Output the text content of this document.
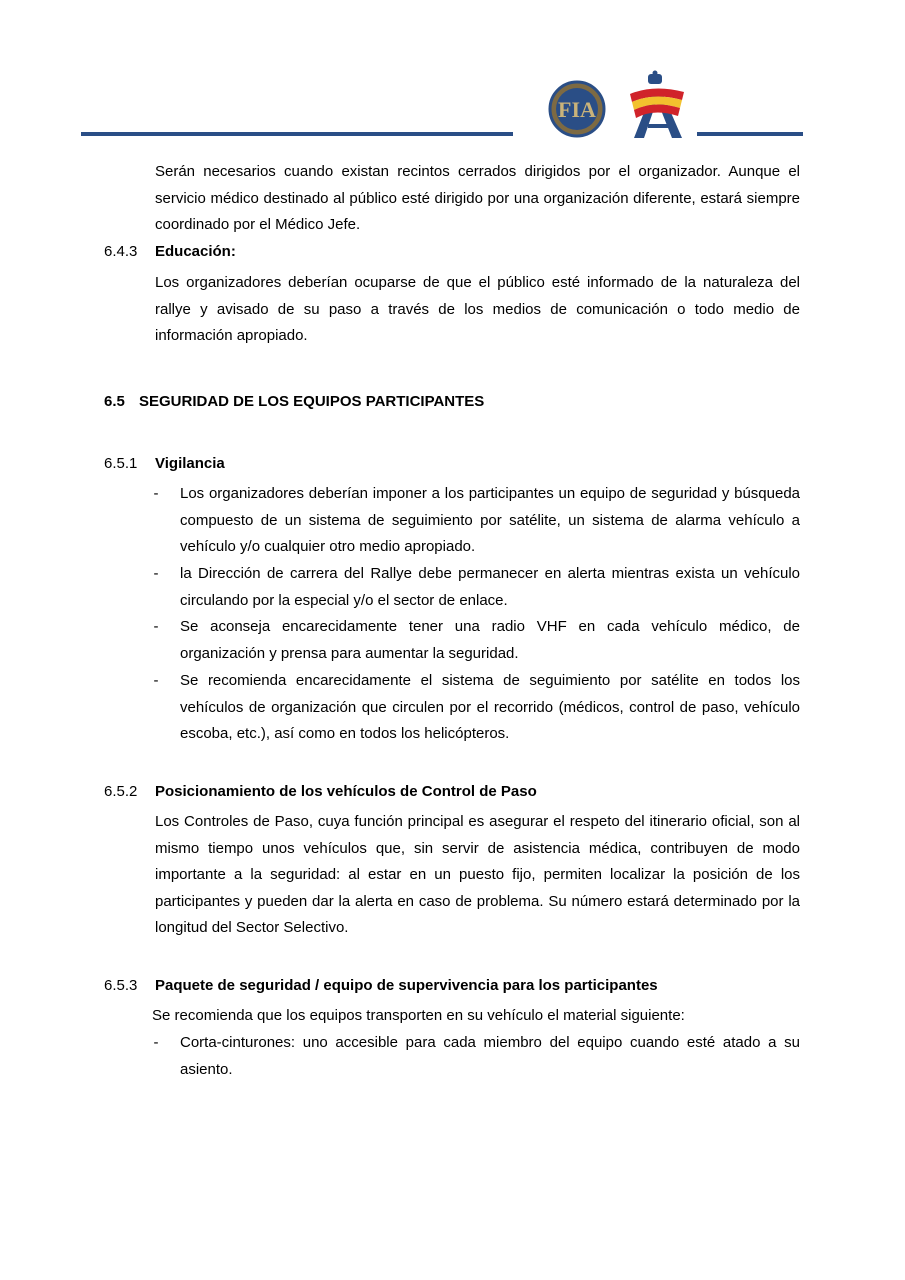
FIA

Serán necesarios cuando existan recintos cerrados dirigidos por el organizador. Aunque el servicio médico destinado al público esté dirigido por una organización diferente, estará siempre coordinado por el Médico Jefe.

6.4.3 Educación:

Los organizadores deberían ocuparse de que el público esté informado de la naturaleza del rallye y avisado de su paso a través de los medios de comunicación o todo medio de información apropiado.

6.5 SEGURIDAD DE LOS EQUIPOS PARTICIPANTES
6.5.1 Vigilancia
- Los organizadores deberían imponer a los participantes un equipo de seguridad y búsqueda compuesto de un sistema de seguimiento por satélite, un sistema de alarma vehículo a vehículo y/o cualquier otro medio apropiado.
- la Dirección de carrera del Rallye debe permanecer en alerta mientras exista un vehículo circulando por la especial y/o el sector de enlace.
- Se aconseja encarecidamente tener una radio VHF en cada vehículo médico, de organización y prensa para aumentar la seguridad.
- Se recomienda encarecidamente el sistema de seguimiento por satélite en todos los vehículos de organización que circulen por el recorrido (médicos, control de paso, vehículo escoba, etc.), así como en todos los helicópteros.
6.5.2 Posicionamiento de los vehículos de Control de Paso

Los Controles de Paso, cuya función principal es asegurar el respeto del itinerario oficial, son al mismo tiempo unos vehículos que, sin servir de asistencia médica, contribuyen de modo importante a la seguridad: al estar en un puesto fijo, permiten localizar la posición de los participantes y pueden dar la alerta en caso de problema. Su número estará determinado por la longitud del Sector Selectivo.

6.5.3 Paquete de seguridad / equipo de supervivencia para los participantes
Se recomienda que los equipos transporten en su vehículo el material siguiente:
- Corta-cinturones: uno accesible para cada miembro del equipo cuando esté atado a su asiento.
